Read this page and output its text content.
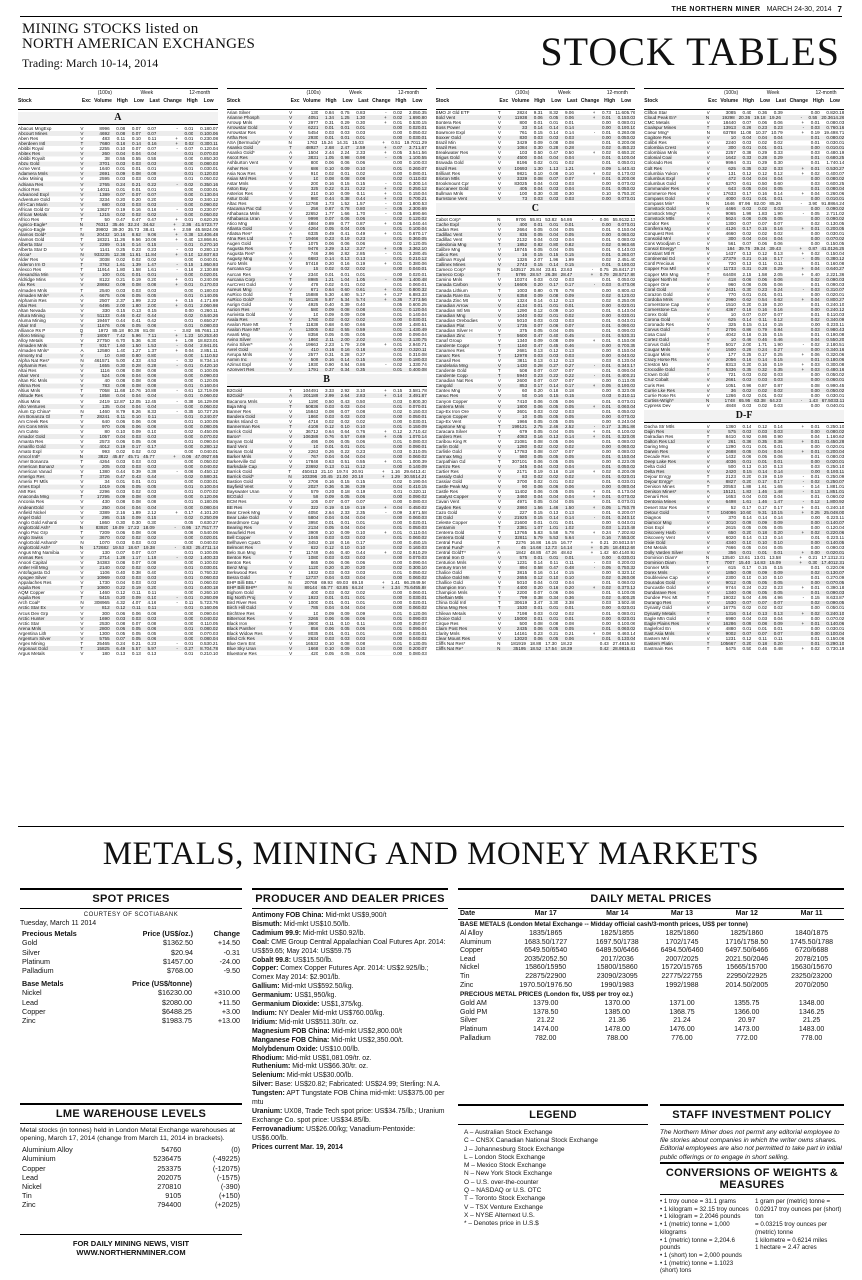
THE NORTHERN MINER MARCH 24-30, 2014 7
MINING STOCKS listed on
NORTH AMERICAN EXCHANGES
Trading: March 10-14, 2014	STOCK TABLES
(100s)	Week	12-month
Stock	Exc Volume High	Low	Last Change High	Low
A
Abacus MngExp	V	8996	0.08	0.07	0.07	-	0.01	0.18 0.07
Abcourt Mines	V	4692	0.08	0.07	0.07	0.00	0.10 0.06
Aben Res	V	483	0.11	0.10	0.11	+	0.01	0.23 0.08
Aberdeen Intl	T	7680	0.16	0.14	0.16	+	0.02	0.30 0.11
Abitibi Royal	V	2255	0.10	0.07	0.07	-	0.07	0.12 0.04
Abitex Res	V	260	0.04	0.04	0.04	0.01	0.07 0.03
Abitibi Royalt	V	38	0.55	0.55	0.55	0.00	0.85 0.30
Abzu Gold	V	3701	0.03	0.03	0.03	0.00	0.08 0.03
Acme Vent	V	1640	0.01	0.01	0.01	0.01	0.03 0.01
Adamera Mnls	V	2691	0.09	0.08	0.09	0.01	0.12 0.03
Adex Mining	V	2595	0.03	0.03	0.03	0.01	0.05 0.02
Adriana Res	V	2765	0.24	0.21	0.22	-	0.02	0.35 0.16
Adriot Res	V	14011	0.01	0.01	0.01	0.00	0.03 0.01
Advanced Expl	V	1389	0.07	0.07	0.07	0.00	0.13 0.04
Adventure Gold	V	3234	0.20	0.20	0.20	0.02	0.34 0.12
Afri-Can Marin	V	680	0.03	0.03	0.03	0.00	0.09 0.02
African Gold Gr	V	13627	0.19	0.16	0.16	-	0.03	0.23 0.07
African Metals	V	1215	0.02	0.02	0.02	0.00	0.05 0.02
Africo Res	T	50	0.47	0.47	0.47	+	0.01	0.62 0.25
Agnico-Eagle*	N	76313 35.46 32.24 34.62	+	2.36 41.57 23.77
Agnico-Eagle	T	39802 39.30 35.73 38.41	+	2.59 45.58 24.06
Alamos Gold*	N	20432 10.16	8.62	9.06	+	0.38 13.40 6.48
Alamos Gold	T	18321 11.26	9.56 10.06	+	0.40 13.86 6.91
Alberta Star	V	2289	0.16	0.14	0.15	0.01	0.27 0.10
Alberta Star D	V	1141	0.25	0.23	0.23	-	0.03	0.28 0.13
Alcoa*	N	933235 12.38 11.61 11.84	+	0.10 12.93 7.63
Alder Res	V	3038	0.02	0.02	0.02	0.00	0.04 0.01
Alderon Irn O	T	3762	1.61	1.39	1.47	-	0.15	1.95 0.93
Alexco Res	T	11914	1.80	1.58	1.61	-	0.16	2.13 0.88
Alexandria Min	V	100	0.01	0.01	0.01	0.00	0.02 0.01
Aldridge Mins	V	8122	0.21	0.19	0.20	+	0.01	0.24 0.08
Alix Res	V	28692	0.09	0.08	0.08	+	0.01	0.17 0.03
Almaden Mnls	T	2540	0.03	0.03	0.03	0.00	0.18 0.03
Almaden Mnls*	A	6675	0.06	0.05	0.05	0.01	0.14 0.05
Alphamin Res	V	2507	2.37	1.99	2.22	+	0.15	4.17 1.69
Altai Res	V	6495	2.00	1.80	2.00	+	0.01	2.06 0.98
Altan Nevada	V	330	0.15	0.13	0.15	0.00	0.26 0.11
Altura Mining	V	51133	0.46	0.42	0.44	0.02	0.54 0.26
Aluma Mining	V	19467	0.44	0.41	0.42	0.01	0.65 0.27
Altair Intl	V	11676	0.06	0.05	0.06	0.01	0.08 0.03
Alliance Rs P	Q	1972 85.18 80.36 81.08	-	3.82 86.76 61.13
Alloro Mining	T	18057	7.42	5.96	7.11	+	1.23 10.25 3.40
Alloy Metals	V	27750	6.70	5.36	6.30	+	1.09 18.82 3.01
Almaden Mnls	T	9317	1.60	1.50	1.53	-	0.04	2.94 1.01
Almaden Mnls*	A	12580	1.40	1.27	1.37	+	0.04	2.85 1.11
Almonty Ind	V	10	0.80	0.80	0.80	0.00	1.11 0.52
Alpha Nat Res*	N	461571	5.00	4.33	4.53	-	0.32	8.73 4.14
Alphamin Res	V	1655	0.30	0.28	0.28	-	0.01	0.42 0.10
Altai Res	V	1116	0.08	0.08	0.08	0.00	0.10 0.05
Altair Vent	V	524	0.06	0.04	0.06	0.00	0.09 0.03
Altan Ric Mnls	V	40	0.08	0.08	0.08	0.00	0.12 0.05
Altima Res	V	783	0.08	0.08	0.08	0.01	0.16 0.04
Altius Mnls	T	7058 11.68 10.76 10.88	-	0.61 12.71 9.09
Altitude Res	V	1858	0.04	0.04	0.04	0.01	0.06 0.02
Altius Mins	V	2419 12.87 12.05 12.45	-	0.38 16.12 9.08
Alto Ventures	V	135	0.04	0.04	0.04	0.00	0.06 0.02
Alum Cp China*	N	1460	8.79	8.26	8.33	-	0.35 10.72 7.25
Am Bonanza Gl	T	28241	0.11	0.10	0.11	0.01	0.24 0.07
Am Creek Res	V	640	0.06	0.06	0.06	0.01	0.10 0.05
Am Cons Mnls	V	970	0.06	0.06	0.06	0.00	0.08 0.05
Am CuMo	V	80	0.10	0.09	0.10	0.02	0.45 0.05
Amador Gold	V	1057	0.04	0.03	0.03	0.00	0.07 0.02
Amanta Res	V	2573	0.06	0.05	0.06	0.01	0.09 0.04
Amarillo Gold	V	4012	0.19	0.17	0.17	0.00	0.28 0.12
Amato Expl	V	993	0.02	0.02	0.02	0.00	0.04 0.01
Amcol Intl*	N	3822 45.87 45.71 45.77	+	0.06 47.09 27.65
Amer Bonanza	T	4264	0.03	0.03	0.03	0.00	0.05 0.02
American Bonanz	V	205	0.03	0.03	0.03	0.00	0.04 0.02
American Vanad	V	1380	0.44	0.39	0.39	-	0.06	0.45 0.12
Amerigo Res	T	3726	0.47	0.43	0.44	0.02	0.58 0.31
Amerix Pr Mtls	V	34	0.01	0.01	0.01	0.00	0.03 0.01
Ames Expl	V	1019	0.06	0.05	0.05	0.01	0.10 0.04
AMI Res	V	2296	0.03	0.02	0.03	0.01	0.07 0.02
Anaconda Mng	T	17295	0.09	0.08	0.09	0.00	0.12 0.06
Anconia Res	V	430	0.08	0.08	0.08	0.01	0.18 0.05
AndeanGold	V	250	0.04	0.04	0.04	0.00	0.08 0.04
Anfield Nickel	V	3389	2.16	1.89	2.12	+	0.17	4.10 1.20
Angel Gold	V	295	0.15	0.09	0.15	0.02	0.25 0.09
Anglo Gold Ashanti	V	1860	0.30	0.30	0.30	0.05	0.63 0.27
AngloGold Ash*	N	83920 19.09 17.22 18.09	-	0.95 17.75 17.77
Anglo Pac Grp	T	7209	0.06	0.08	0.06	0.06	0.54 0.06
Anglo Swiss	V	3670	0.02	0.02	0.02	0.00	0.02 0.01
AngloGold Ashanti*	N	1070	0.03	0.03	0.03	0.00	0.04 0.02
AngloGold Ash*	N	172682 19.53 18.67 19.38	-	0.83 25.47 11.14
Angus Mng Namibia	V	130	0.07	0.07	0.07	0.01	0.10 0.05
Animas Res	V	2714	1.28	1.17	1.19	-	0.02	1.40 0.33
Anoori Capital	V	34383	0.08	0.07	0.08	0.00	0.10 0.02
Antler Hill Mng	V	2140	0.02	0.02	0.02	0.01	0.03 0.01
Antofagasta Gd	V	1106	0.40	0.38	0.40	0.01	0.76 0.32
Apogee Silver	V	10969	0.03	0.03	0.03	0.01	0.06 0.03
Appalaches Res	V	1730	0.04	0.03	0.03	0.01	0.06 0.02
Aquila Res	T	10800	0.22	0.19	0.20	0.01	0.40 0.18
AQM Copper	V	1460	0.12	0.11	0.11	0.00	0.26 0.10
Aquila Res	T	5415	0.20	0.09	0.10	-	0.01	0.26 0.09
Arch Coal*	N	308965	4.32	4.07	4.16	-	0.11	5.72 3.76
Arctic Star Ex	V	812	0.12	0.11	0.11	0.01	0.16 0.06
Arcus Dev Grp	V	300	0.06	0.06	0.06	0.00	0.09 0.04
Arctic Hunter	V	1690	0.03	0.03	0.03	0.00	0.04 0.02
Arctic Star	V	2530	0.08	0.07	0.08	0.00	0.11 0.05
Arena Mnls	V	2800	0.06	0.05	0.06	0.01	0.08 0.02
Argentina Lith	V	1300	0.05	0.05	0.05	0.00	0.07 0.03
Argentum Silver	V	5755	0.07	0.05	0.06	0.00	0.08 0.04
Argex Mining	T	25465	0.24	0.21	0.23	-	0.01	0.53 0.21
Argonaut Gold	T	15825	6.49	5.57	5.97	-	0.27	8.70 4.78
Argus Metals	V	180	0.13	0.13	0.13	0.01	0.21 0.10
(100s)	Week	12-month
Stock	Exc Volume High	Low	Last Change High	Low
Arian Silver	V	130	0.84	0.75	0.83	-	0.02	2.05 0.35
Arianne Phosph	V	4051	1.34	1.25	1.30	+	0.02	1.69 0.80
Arrowp Mnls	V	2977	0.31	0.29	0.30	+	0.01	0.53 0.15
Arrowstar Gold	V	6221	0.01	0.01	0.01	0.00	0.02 0.01
Arrowstar Res	V	5454	0.03	0.03	0.03	0.00	0.05 0.02
Artha Res	V	2930	0.01	0.01	0.01	0.00	0.03 0.01
ASA (Bermuda)*	N	1763 15.24 14.31 15.03	+	0.51 19.70 11.29
Asanko Gold	T	48927	2.68	2.47	2.59	+	0.07	3.71 1.67
Asanko Gold*	A	1504	2.44	2.24	2.33	+	0.05	3.54 1.56
Ascot Res	V	3831	1.05	0.98	0.98	-	0.05	1.10 0.55
Ashburton Vent	V	800	0.06	0.06	0.06	0.00	0.10 0.03
Asher Res	V	686	0.10	0.09	0.10	0.01	0.26 0.07
Asia Now Res	V	910	0.02	0.01	0.02	0.00	0.08 0.01
Asian Mnl Res	V	10	0.08	0.08	0.08	0.02	0.11 0.02
Astar Mnls	V	200	0.16	0.15	0.15	-	0.01	0.30 0.14
Aston Bay	V	325	0.22	0.21	0.22	+	0.02	0.25 0.12
Asterios Res	V	210	0.10	0.09	0.11	+	0.01	0.15 0.04
Astur Gold	V	980	0.44	0.38	0.44	+	0.03	0.70 0.21
Altac Res	V	12768	1.73	1.52	1.57	-	0.03	1.80 0.53
Atacama Pac Gd	V	256	0.87	0.78	0.80	-	0.05	2.30 0.69
Athabasca Mnls	V	22652	1.77	1.66	1.70	-	0.05	1.89 0.66
Athabasca Uran	V	9999	0.07	0.06	0.06	0.02	0.12 0.02
Atico Mng	V	4884	0.89	0.77	0.87	+	0.06	1.04 0.44
Atlanta Gold	V	4264	0.05	0.04	0.05	0.01	0.10 0.04
Atlatsa Res*	A	6335	0.49	0.41	0.49	+	0.01	0.67 0.17
Atna Res Ltd	T	19466	0.23	0.19	0.23	0.01	0.36 0.05
Augen Gold	V	1075	0.06	0.06	0.06	0.02	0.12 0.05
Augusta Res	T	9476	3.29	3.12	3.27	+	0.05	3.36 2.10
Augusta Res*	A	746	2.96	2.82	2.85	-	0.01	3.28 0.45
Augusy Mng	V	6683	0.14	0.13	0.13	0.01	0.21 0.12
Auro Mnls	V	57418	0.20	0.16	0.19	+	0.01	0.38 0.06
Aurcana Cp	V	15	0.02	0.02	0.02	0.00	0.04 0.01
Aurcan Res	V	2340	0.01	0.01	0.01	0.00	0.02 0.01
Aurcana Corp	T	8985	1.21	1.04	1.05	-	0.09	1.40 0.48
AurCrest Gold	V	478	0.02	0.01	0.02	0.01	0.06 0.01
Aureus Mng	V	671	0.64	0.60	0.61	+	0.01	0.80 0.32
AuRico Gold	T	15888	5.30	4.80	5.17	+	0.27	6.88 3.33
AuRico Gold*	N	18136	5.87	5.34	5.74	+	0.36	7.37 3.56
Aurign Gold	V	4925	0.40	0.39	0.40	0.05	0.60 0.25
Aurion Res	V	580	0.09	0.08	0.08	0.01	0.12 0.04
Aurivista Gold	V	10	0.09	0.09	0.09	0.01	0.14 0.04
Avala Res	V	1780	0.02	0.02	0.02	0.00	0.03 0.01
Avalon Rare Mt	T	11638	0.68	0.60	0.66	0.00	1.48 0.51
Avalon Rare Mt*	A	13005	0.62	0.55	0.59	0.01	1.43 0.49
Avanti Mng	V	8356	0.05	0.05	0.05	0.00	0.09 0.04
Avino Silver	V	1860	2.11	2.00	2.02	0.01	3.13 0.75
Avino Silver*	A	19663	2.23	1.79	2.09	+	0.01	2.94 0.71
Avrel Gold	V	410	0.16	0.16	0.16	0.03	0.32 0.11
Avrupa Mnls	V	2577	0.31	0.28	0.27	0.01	0.31 0.08
Axmin Inc	V	509	0.16	0.14	0.15	0.00	0.18 0.03
Azimut Expl	V	1930	0.90	0.84	0.86	-	0.02	1.33 0.74
Azonvert Res	V	1791	0.37	0.34	0.35	0.01	0.40 0.08
B
B2Gold	T	104491	3.33	2.92	3.10	+	0.15	3.58 1.78
B2Gold*	A	201189	2.99	2.64	2.83	+	0.14	3.49 1.87
Bacanora Mnls	V	1190	0.50	0.43	0.50	0.03	0.80 0.30
Baja Mng	T	50836	0.03	0.03	0.04	0.01	0.07 0.01
Banner Res	V	15843	0.08	0.07	0.08	0.02	0.15 0.03
Bandera Gold	V	1860	0.03	0.03	0.03	0.00	0.05 0.01
Banks Island G	V	4716	0.02	0.02	0.02	0.00	0.03 0.01
Bannerman Res	T	4109	0.12	0.10	0.10	0.01	0.15 0.09
Barrick Gold	V	36712	0.64	0.64	0.76	+	0.12	2.71 0.42
Baron*	V	106389	0.76	0.57	0.69	+	0.05	1.07 0.14
Banyan Gold	V	495	0.06	0.05	0.06	0.01	0.08 0.03
Bard Vent	V	10	0.01	0.01	0.01	0.00	0.09 0.01
Barisan Gold	V	2263	0.26	0.22	0.23	0.03	0.31 0.05
Barker Mnls	V	767	0.04	0.04	0.04	0.00	0.06 0.02
Barkerville Gd	V	17846	0.63	0.51	0.55	+	0.01	1.00 0.39
Barksdale Cap	V	23692	0.13	0.11	0.12	0.00	0.14 0.09
Barrick Gold	T	450413 21.10 19.74 20.91	+	1.16 29.64 13.43
Barrick Gold*	N	103396 20.45 21.00 20.19	+	1.29 30.55 14.21
Bastion Gold	V	2706	0.16	0.15	0.15	0.02	0.19 0.04
Bayfield Vent	V	2027	0.36	0.36	0.39	0.04	0.41 0.15
Bayswater Uran	V	579	0.20	0.18	0.19	0.01	0.32 0.11
BCGold	V	59	0.09	0.05	0.06	0.00	0.09 0.02
BCM Res	V	105	0.07	0.07	0.07	0.00	0.08 0.03
BE Res	V	322	0.19	0.19	0.19	+	0.04	0.45 0.02
Bear Creek Mng	V	4050	2.64	2.33	2.35	-	0.09	3.67 1.58
Bear Lake Gold	V	5804	0.04	0.04	0.04	0.00	0.06 0.03
Beardmore Cap	V	3950	0.01	0.01	0.01	0.00	0.02 0.01
Bearing Res	V	2134	0.05	0.04	0.04	0.01	0.05 0.03
Beaufield Res	V	3909	0.10	0.09	0.10	+	0.01	0.11 0.04
Bell Copper	V	1045	0.03	0.03	0.03	0.01	0.06 0.02
Bellhaven Cp&G	V	3453	0.18	0.16	0.17	0.00	0.45 0.15
Belmont Res	V	622	0.12	0.10	0.10	0.02	0.16 0.03
Belo Sun Mng	T	11749	0.46	0.40	0.44	+	0.02	0.91 0.29
Benton Res	V	1080	0.03	0.03	0.03	0.00	0.07 0.03
Benton Res	V	865	0.06	0.06	0.06	0.00	0.09 0.04
Benz Mng	V	1120	0.20	0.20	0.20	0.02	0.30 0.10
Berkwood Res	V	1932	0.03	0.03	0.03	0.01	0.05 0.02
Besra Gold	T	12737	0.04	0.03	0.04	0.00	0.06 0.02
BHP Billi BBL*	N	20768 69.93 69.03 69.19	+	1.41 66.29 49.56
BHP Billi BHP*	N	89144 65.77 63.85 64.24	+	1.34 75.64 55.88
Bighorn Gold	V	400	0.03	0.02	0.02	0.00	0.06 0.01
Big North Proj	V	1923	0.01	0.01	0.01	0.00	0.03 0.01
Bird River Res	V	1000	0.01	0.01	0.01	0.00	0.02 0.01
Birch Hill Gold	V	785	0.04	0.04	0.04	0.00	0.06 0.02
Birchtree Res	V	10	0.09	0.09	0.09	0.01	0.12 0.06
Bitterroot Res	V	3265	0.06	0.06	0.06	0.01	0.09 0.03
Black Iron	T	3600	0.11	0.10	0.11	0.00	0.35 0.07
Black Panther	V	856	0.06	0.05	0.06	0.01	0.09 0.04
Black Widow Res	V	8035	0.01	0.01	0.01	0.00	0.03 0.01
Blind Crk Res	V	2634	0.03	0.03	0.03	0.00	0.04 0.02
Blue Gem Ent	V	16533	0.10	0.08	0.08	0.01	0.13 0.05
Blue Sky Uran	V	1668	0.10	0.09	0.10	0.00	0.20 0.07
Bluestone Res	V	420	0.05	0.05	0.05	0.00	0.08 0.03
(100s)	Week	12-month
Stock	Exc Volume High	Low	Last Change High	Low
BMO Jr Gld ETF	T	2824	9.31	8.32	9.06	+	0.73 11.60 5.76
Bold Vent	V	11938	0.06	0.05	0.06	+	0.01	0.15 0.03
Bontera Res	V	800	0.01	0.01	0.01	0.00	0.08 0.01
Boss Power	V	33	0.14	0.14	0.14	0.00	0.19 0.10
Bowmore Expl	V	761	0.15	0.14	0.14	-	0.01	0.26 0.08
Boxxer Gold	V	830	0.03	0.03	0.03	0.00	0.05 0.02
Brazil Min	V	3429	0.09	0.08	0.08	0.01	0.20 0.06
Brazil Res	V	1084	0.30	0.28	0.28	0.02	0.45 0.23
Breakwater Res	V	103	0.50	0.47	0.50	+	0.02	0.65 0.20
Brigus Gold	V	4500	0.04	0.04	0.04	0.01	0.10 0.04
Bravada Gold	V	8196	0.02	0.01	0.02	0.01	0.05 0.01
Brazil Res	V	10693	1.30	1.13	1.21	0.09	1.44 0.43
Brilliant Res	V	9821	0.10	0.08	0.10	+	0.02	0.17 0.03
Brixton Mtls	V	3339	0.08	0.07	0.07	0.01	0.20 0.06
Brookmount Cpr	V	83025	0.04	0.03	0.03	0.00	0.07 0.02
Buccaneer Gold	V	405	0.04	0.03	0.04	0.01	0.05 0.02
Bullman Mnls	V	100	0.30	0.30	0.30	0.10	0.75 0.20
Burnstone Vent	V	73	0.03	0.03	0.03	0.00	0.07 0.01
C
Cabot Corp*	N	9706 55.81 53.82 54.86	-	0.06 55.91 32.13
Cache Expl	V	400	0.01	0.01	0.01	0.00	0.07 0.01
Cadan Res	V	2664	0.05	0.04	0.05	0.01	0.15 0.04
Cadillac Vent	V	835	0.05	0.04	0.05	0.00	0.06 0.02
Cadillac Vent	V	2132	0.04	0.03	0.04	0.01	0.08 0.02
Caledonia Mng	T	1852	0.82	0.80	0.82	0.02	0.96 0.65
Calibre Mng	V	18745	0.05	0.04	0.05	0.01	0.14 0.03
Calico Res	V	16	0.15	0.15	0.15	0.01	0.26 0.07
Callinan Royal	V	1326	2.07	1.96	1.99	0.02	2.45 1.40
Callinex Mines	V	2743	0.15	0.14	0.15	0.01	0.19 0.03
Cameco Corp*	N	143517 25.84 23.81 23.63	-	0.75 25.84 17.27
Cameco Corp	T	5795 28.57 26.38 28.47	+	0.79 28.57 17.89
Camino Mnls	V	10374	0.03	0.02	0.03	0.01	0.05 0.02
Canada Carbon	V	16605	0.20	0.17	0.17	-	0.03	0.47 0.06
Canada Lithium	T	1003	0.80	0.78	0.78	0.00	0.80 0.43
Canada Rare Ea	V	6358	0.09	0.08	0.09	0.02	0.12 0.03
Canada Zinc Mt	V	1324	0.14	0.12	0.13	0.02	0.25 0.09
Canadian Arrow	V	4134	0.01	0.01	0.01	0.00	0.02 0.01
Canadian Intl Mn	V	1290	0.12	0.09	0.10	0.01	0.14 0.04
Canadian Mng	V	1040	0.02	0.01	0.02	0.00	0.03 0.01
Canadian Orebodies	V	5010	0.03	0.03	0.03	0.01	0.04 0.01
Canadian Plat	V	1735	0.07	0.06	0.07	0.01	0.09 0.03
Canadian Silver H	V	375	0.05	0.04	0.05	0.01	0.09 0.03
Canadian Zinc	T	5600	0.47	0.40	0.45	0.01	0.53 0.31
Canaf Group	V	1340	0.09	0.08	0.09	+	0.01	0.15 0.06
Candente Coppr	T	1160	0.47	0.45	0.46	0.00	0.70 0.35
Canamex Res	V	2681	0.13	0.12	0.13	0.00	0.15 0.04
Canarc Res	T	12978	0.03	0.03	0.03	0.00	0.04 0.02
Canasil Res	V	3811	0.13	0.12	0.13	0.03	0.13 0.04
Candelaria Mng	V	1430	0.28	0.27	0.27	-	0.01	0.34 0.17
Candente Gold	T	508	0.07	0.07	0.07	0.01	0.09 0.04
Candente Copp	T	5940	0.23	0.22	0.22	-	0.01	0.40 0.21
Canadian Nat Res	V	2600	0.07	0.07	0.07	0.00	0.11 0.05
Cangold	V	853	0.17	0.14	0.17	+	0.05	0.19 0.03
Cantex Mng	V	60	0.20	0.18	0.18	0.00	0.32 0.08
Canuc Res	V	50	0.16	0.15	0.15	0.03	0.31 0.11
Canyon Copper	V	7410	0.06	0.05	0.06	0.01	0.07 0.01
Canterra Mnls	V	1800	0.06	0.05	0.05	+	0.01	0.06 0.04
Cap-Ex Iron Ore	V	3601	0.03	0.02	0.03	0.01	0.05 0.02
Canyon Copper	V	10	0.05	0.05	0.05	0.00	0.07 0.02
Cap-Ex Vent	V	1966	0.05	0.05	0.05	0.00	0.24 0.04
Capstone Mng	T	199121	2.75	2.46	2.52	-	0.17	3.35 1.86
Caracara Silver	V	679	0.05	0.04	0.05	+	0.01	0.10 0.02
Cardero Res	T	4083	0.16	0.13	0.14	+	0.01	0.32 0.09
Caribou King R	V	21081	0.08	0.05	0.06	0.01	0.08 0.03
Carlin Gold	V	1280	0.02	0.02	0.02	0.00	0.06 0.02
Carlisle Gold	V	17783	0.08	0.07	0.07	0.00	0.08 0.03
Carmax Mng	V	580	0.05	0.05	0.05	0.01	0.15 0.04
Carpathian Gd	T	307101	0.06	0.05	0.05	0.00	0.22 0.05
Carrizo Res	V	345	0.04	0.03	0.04	0.01	0.05 0.02
Cartier Res	V	2171	0.19	0.16	0.18	+	0.02	0.20 0.08
Cassidy Gold	V	83	0.02	0.02	0.02	0.01	0.02 0.01
Cassiar Gold	V	3700	0.02	0.01	0.02	0.01	0.03 0.01
Castle Peak Mg	V	90	0.06	0.06	0.06	0.00	0.08 0.04
Castle Res	V	11402	0.06	0.05	0.05	+	0.01	0.17 0.04
Catalyst Copper	V	3460	0.04	0.04	0.04	+	0.01	0.07 0.02
Cavan Vent	V	4971	0.05	0.04	0.05	0.01	0.07 0.01
Cayden Res	V	2860	1.56	1.46	1.50	+	0.05	1.75 0.78
Cazo Gold	V	227	0.15	0.13	0.13	0.01	0.20 0.07
CB Gold	V	21925	0.15	0.14	0.14	-	0.01	0.24 0.10
Celeste Copper	V	21600	0.01	0.01	0.01	0.00	0.04 0.01
Centamin	T	2381	1.07	1.01	1.02	0.03	1.21 0.48
Centerra Gold	T	13765	5.83	5.58	5.78	+	0.24	7.20 2.82
Centerra Gold	V	32811	5.79	5.53	5.64	0.16	7.55 3.00
Central Fund	T	2276 16.86 16.15 16.77	+	0.21 20.50 13.57
Central Fund*	A	45 14.66 12.73 14.14	+	0.25 18.48 12.69
Central GoldT*	A	1842 48.85 47.26 48.62	+	1.42 60.41 40.92
Central Iron O	V	575	0.01	0.01	0.01	0.00	0.03 0.01
Centurion Mnls	V	1231	0.14	0.11	0.11	-	0.03	0.20 0.03
Century Iron M	V	894	0.58	0.47	0.48	-	0.05	0.75 0.32
Chalice Gold	T	3815	0.16	0.14	0.15	0.00	0.32 0.10
Chalice Gold Mn	V	2655	0.12	0.10	0.10	0.02	0.26 0.06
Challice Gold	V	5010	0.04	0.03	0.04	0.01	0.06 0.02
Champion Iron	T	4400	0.20	0.16	0.20	+	0.02	0.37 0.12
Champion Mnls	V	2200	0.07	0.06	0.06	0.01	0.10 0.05
Chieftain Mtls	T	799	0.38	0.34	0.36	0.02	0.40 0.25
China Gold Intl	T	30619	3.47	3.30	3.38	0.03	3.50 2.49
China Mng Res	T	1530	0.01	0.01	0.01	0.00	0.02 0.01
Chilean Metals	V	7198	0.03	0.02	0.02	0.01	0.08 0.01
Choice Gold	V	15000	0.01	0.01	0.01	0.00	0.02 0.01
Cirque Res	V	500	0.08	0.08	0.08	0.00	0.10 0.06
Claim Post Res	V	2435	0.06	0.05	0.05	0.01	0.06 0.02
Clarity Mnls	V	14161	0.23	0.21	0.21	+	0.08	0.46 0.14
Clear Mount Res	V	13020	0.06	0.05	0.06	0.01	0.13 0.04
Cliffs Nat Res*	N	181919 18.88 17.30 18.22	0.43 27.48 15.92
Cliffs Nat Re*	N	35195 18.52 17.54 18.39	0.42 28.98 15.41
(100s)	Week	12-month
Stock	Exc Volume High	Low	Last Change High	Low
Clifton Star	V	3085	0.40	0.36	0.39	0.00	0.82 0.18
Cloud Peak En*	N	19298 20.36 19.18 19.26	-	0.55 20.36 14.26
CMC Metals	V	18440	0.07	0.06	0.06	+	0.01	0.08 0.03
Coalspur Mines	T	13913	0.26	0.23	0.23	-	0.03	0.76 0.16
Coeur Mng*	N	63788 11.08 10.37 10.79	+	0.19 19.49 8.71
Cogitore Res	V	10	0.04	0.04	0.04	0.01	0.08 0.02
Colibri Res	V	2240	0.03	0.02	0.02	0.01	0.03 0.01
Colombia Crest	V	300	0.01	0.01	0.01	0.00	0.01 0.01
Colombian Mnls	V	2257	0.38	0.29	0.33	0.03	0.48 0.19
Colonial Coal	V	1642	0.33	0.28	0.29	0.01	0.68 0.25
Colorado Res	V	9994	0.31	0.29	0.30	0.01	1.74 0.14
Colt Res	V	625	0.35	0.32	0.33	+	0.01	0.53 0.27
Columbia Yukon	V	131	0.12	0.12	0.12	+	0.02	0.40 0.07
Columbus Expl	V	472	0.04	0.04	0.04	0.00	0.08 0.02
Columbus Gold	V	6270	0.61	0.50	0.60	0.03	0.60 0.25
Commander Res	V	643	0.05	0.04	0.05	0.01	0.08 0.04
Commerce Res	V	17633	0.17	0.16	0.14	+	0.04	0.26 0.06
Compass Gold	V	4000	0.01	0.01	0.01	0.00	0.01 0.01
Compass Min*	N	1646 87.96 82.00 85.26	-	3.90 91.88 64.24
Comstock Gold	V	4466	0.03	0.02	0.03	0.00	0.09 0.02
Comstock Mng*	A	9065	1.99	1.83	1.90	-	0.05	2.71 1.02
Comstock Mtls	V	5624	0.06	0.05	0.05	0.00	0.09 0.02
Condor Res	V	1300	0.07	0.07	0.07	0.02	0.13 0.05
Coniferra Mg	V	4126	0.17	0.15	0.16	+	0.01	0.20 0.05
Conquest Res	V	4660	0.02	0.02	0.02	0.00	0.03 0.01
Consolid Mnl	V	300	0.04	0.04	0.04	0.00	0.07 0.02
Cons Woodjam C	V	561	0.07	0.06	0.06	0.00	0.15 0.05
Consol Energy*	N	184 39.75 39.24 39.43	+	0.87 41.01 26.25
Constant Mtl R	V	1437	0.13	0.12	0.13	+	0.02	0.15 0.04
Continental Gd	V	27379	0.21	0.16	0.17	-	0.05	0.38 0.12
Contl Precious	V	720	0.13	0.11	0.11	0.01	0.16 0.08
Copper Fox Mtl	V	11733	0.31	0.28	0.29	+	0.04	0.64 0.27
Copper Mtn Mng	T	64408	2.15	1.58	2.05	+	0.40	2.22 1.36
Copper North M	V	418	0.06	0.06	0.06	0.02	0.09 0.03
Copper One	V	960	0.06	0.05	0.06	0.01	0.09 0.03
Coral Gold	V	2431	0.30	0.23	0.24	-	0.03	0.31 0.07
Corazon Gold	V	770	0.01	0.01	0.01	0.00	0.02 0.01
Cordoba Mnls	V	2960	0.62	0.54	0.62	+	0.04	0.80 0.27
Cornerstone Cap	V	1510	0.20	0.19	0.20	0.01	0.24 0.10
Cornerstone Ca	V	4367	0.18	0.16	0.16	0.00	0.24 0.12
Corex Gold	V	10	0.07	0.07	0.07	0.01	0.11 0.03
Corona Gold	V	625	0.14	0.11	0.12	0.02	0.34 0.09
Coronado Res	V	325	0.15	0.14	0.15	0.00	0.23 0.11
Corvus Gold	T	2706	0.86	0.79	0.84	0.03	0.98 0.43
Cosa Coal	V	4042	0.16	0.15	0.15	0.01	0.19 0.08
Cortez Gold	V	10	0.46	0.46	0.46	0.04	0.55 0.20
Corvus Gold	T	5017	2.00	1.71	1.90	-	0.02	2.18 0.51
Cougar Mnls	V	1500	0.28	0.24	0.27	0.00	0.34 0.16
Cougar Mins	V	177	0.25	0.17	0.25	+	0.06	0.32 0.06
Crazy Horse Rs	V	2056	0.16	0.14	0.15	0.01	0.18 0.06
Creston Mo	V	8313	0.20	0.16	0.19	+	0.03	0.30 0.08
Crocodile Gold	T	5336	0.35	0.32	0.35	+	0.03	0.48 0.16
Crown Gold	V	721	0.03	0.02	0.03	0.00	0.05 0.02
Cruz Cobalt	V	2661	0.03	0.03	0.03	0.00	0.06 0.01
Curis Res	V	1051	0.96	0.87	0.87	0.08	0.99 0.45
Currie Lke Res	V	36	0.02	0.02	0.02	0.00	0.05 0.02
Currie Rose Rs	V	1266	0.02	0.01	0.02	0.00	0.03 0.01
Curtiss-Wrigh*	N	1748 65.95 63.38 64.23	-	1.43 67.50 33.11
Cypress Dev	V	4848	0.03	0.02	0.03	0.00	0.04 0.01
D-F
Dacha Str Mtls	V	1360	0.14	0.12	0.14	+	0.01	0.25 0.10
Dajin Res	V	575	0.03	0.03	0.03	0.00	0.08 0.02
Dalradian Res	T	8410	0.92	0.86	0.90	0.04	1.16 0.62
Dalton Res Ltd	V	261	0.36	0.35	0.36	+	0.01	0.45 0.28
Daring Mng	V	1290	0.01	0.01	0.01	0.00	0.02 0.01
Darwin Res	V	2688	0.05	0.04	0.04	+	0.01	0.20 0.04
Decade Res	V	1432	0.06	0.05	0.06	0.01	0.08 0.03
Deep Lake Res	V	4036	0.01	0.01	0.01	0.00	0.02 0.01
Delta Gold	V	500	0.13	0.10	0.13	0.03	0.25 0.10
Delta Res	V	2420	0.15	0.14	0.14	0.00	0.19 0.11
Dejour Enrgy	T	2123	0.20	0.19	0.19	-	0.01	0.25 0.09
Dejour Enrgy*	A	8827	0.20	0.17	0.17	-	0.02	0.25 0.07
Denison Mines	T	20553	1.88	1.61	1.65	-	0.14	1.88 1.01
Denison Mines*	A	15121	1.83	1.46	1.48	-	0.13	1.85 1.01
Denarii Res	V	1653	0.04	0.03	0.04	0.01	0.06 0.02
Dentonia Mines	V	6498	1.61	1.46	1.47	-	0.12	1.80 0.92
Desert Star Res	V	52	0.17	0.17	0.17	+	0.01	0.24 0.10
Detour Gold	T	104086 10.60	9.31 10.15	+	0.25 25.04 8.00
Diagnos	V	370	0.14	0.14	0.14	0.00	0.22 0.11
Diamcor Mng	V	3010	0.09	0.09	0.09	0.00	0.14 0.07
Dios Expl	V	2615	0.05	0.05	0.05	0.00	0.12 0.04
Discovery Harb	V	650	0.20	0.18	0.20	+	0.02	0.22 0.06
Discovery Vent	V	6020	0.14	0.13	0.14	0.01	0.22 0.11
Dixie Gold	V	4340	0.10	0.10	0.10	0.00	0.14 0.05
DNI Metals	V	7666	0.05	0.04	0.05	0.00	0.09 0.03
Dolly Varden Silver	V	356	0.01	0.01	0.01	+	0.00	0.02 0.01
Dominion Diam*	N	13540 13.61 13.01 13.58	+	0.21 17.13 12.31
Dominion Diam	T	7007 15.40 14.83 15.09	+	0.30 17.40 12.31
Donner Mtls	V	615	0.17	0.15	0.15	0.01	0.22 0.06
Dorex Mnls	V	1850	0.09	0.09	0.09	0.02	0.13 0.07
Doubleview Cap	V	2300	0.10	0.10	0.10	0.01	0.27 0.09
Dourados Gold	V	9012	0.05	0.05	0.05	0.00	0.07 0.05
Duncastle Gold	V	9744	0.24	0.22	0.23	+	0.01	0.39 0.18
Dundarave Res	V	1340	0.06	0.05	0.05	0.01	0.09 0.03
Dundee Prec Mt	T	19032	5.04	4.95	4.96	-	0.15	8.63 3.87
Durango Res	V	1530	0.07	0.07	0.07	0.02	0.09 0.05
Dynasty Gold	V	16775	0.02	0.02	0.02	0.00	0.05 0.01
Dynasty Metals	T	1316	0.14	0.13	0.13	+	0.02	0.24 0.10
Eagle Mtn Gold	V	6980	0.04	0.03	0.04	0.00	0.07 0.02
Eagle Plains Res	V	16286	0.09	0.08	0.09	+	0.01	0.14 0.06
Eagleford En	V	4880	0.01	0.01	0.01	0.00	0.03 0.01
East Asia Mnls	V	9002	0.07	0.07	0.07	0.00	0.10 0.04
Eastern Mnl	V	1231	0.12	0.11	0.11	0.01	0.15 0.06
Eastern Platin	T	105667	0.20	0.18	0.20	0.01	0.29 0.10
Eastmain Res	T	5475	0.50	0.46	0.48	+	0.02	0.73 0.19
METALS, MINING AND MONEY MARKETS
SPOT PRICES
COURTESY OF SCOTIABANK
Tuesday, March 11 2014
Precious Metals	Price (US$/oz.)	Change
Gold	$1362.50	+14.50
Silver	$20.94	-0.31
Platinum	$1457.00	-24.00
Palladium	$768.00	-9.50
Base Metals	Price (US$/tonne)	
Nickel	$16230.00	+310.00
Lead	$2080.00	+11.50
Copper	$6488.25	+3.00
Zinc	$1983.75	+13.00
LME WAREHOUSE LEVELS

Metal stocks (in tonnes) held in London Metal Exchange warehouses at opening, March 17, 2014 (change from March 11, 2014 in brackets).

Aluminium Alloy	54760	(0)
Aluminium	5236475	(-49225)
Copper	253375	(-12075)
Lead	202075	(-1575)
Nickel	270810	(-390)
Tin	9105	(+150)
Zinc	794400	(+2025)
FOR DAILY MINING NEWS, VISIT WWW.NORTHERNMINER.COM
PRODUCER AND DEALER PRICES
Antimony FOB China: Mid-mkt US$9,900/t
Bismuth: Mid-mkt US$10.50/lb.
Cadmium 99.9: Mid-mkt US$0.92/lb.
Coal: CME Group Central Appalachian Coal Futures Apr. 2014: US$59.65; May 2014: US$59.75
Cobalt 99.8: US$15.50/lb.
Copper: Comex Copper Futures Apr. 2014: US$2.925/lb.; Comex May 2014: $2.901/lb.
Gallium: Mid-mkt US$592.50/kg.
Germanium: US$1,950/kg.
Germanium Dioxide: US$1,375/kg.
Indium: NY Dealer Mid-mkt US$760.00/kg.
Iridium: Mid-mkt US$511.30/tr. oz.
Magnesium FOB China: Mid-mkt US$2,800.00/t
Manganese FOB China: Mid-mkt US$2,350.00/t.
Molybdenum Oxide: US$10.00/lb.
Rhodium: Mid-mkt US$1,081.09/tr. oz.
Ruthenium: Mid-mkt US$66.30/tr. oz.
Selenium: Mid-mkt US$30.00/lb.
Silver: Base: US$20.82; Fabricated: US$24.99; Sterling: N.A.
Tungsten: APT Tungstate FOB China mid-mkt: US$375.00 per mtu
Uranium: UX08, Trade Tech spot price: US$34.75/lb.; Uranium Exchange Co. spot price: US$34.85/lb.
Ferrovanadium: US$26.00/kg; Vanadium-Pentoxide: US$6.00/lb.
Prices current Mar. 19, 2014
DAILY METAL PRICES
Date	Mar 17	Mar 14	Mar 13	Mar 12	Mar 11
BASE METALS (London Metal Exchange -- Midday official cash/3-month prices, US$ per tonne)					
Al Alloy	1835/1865	1825/1855	1825/1860	1825/1860	1840/1875
Aluminum	1683.50/1727	1697.50/1738	1702/1745	1716/1758.50	1745.50/1788
Copper	6549.50/6540	6489.50/6466	6494.50/6460	6497.50/6466	6720/6688
Lead	2035/2052.50	2017/2036	2007/2025	2021.50/2046	2078/2105
Nickel	15860/15950	15800/15860	15720/15765	15665/15700	15630/15670
Tin	22875/22900	23090/23095	22775/22755	22950/22925	23250/23200
Zinc	1970.50/1976.50	1990/1983	1992/1988	2014.50/2005	2070/2050
PRECIOUS METAL PRICES (London fix, US$ per troy oz.)					
Gold AM	1379.00	1370.00	1371.00	1355.75	1348.00
Gold PM	1378.50	1385.00	1368.75	1366.00	1346.25
Silver	21.22	21.36	21.24	20.97	21.25
Platinum	1474.00	1478.00	1476.00	1473.00	1483.00
Palladium	782.00	788.00	776.00	772.00	778.00
LEGEND
A – Australian Stock Exchange
C – CNSX Canadian National Stock Exchange
J – Johannesburg Stock Exchange
L – London Stock Exchange
M – Mexico Stock Exchange
N – New York Stock Exchange
O – U.S. over-the-counter
Q – NASDAQ or U.S. OTC
T – Toronto Stock Exchange
V – TSX Venture Exchange
X – NYSE Alternext U.S.
* – Denotes price in U.S.$
STAFF INVESTMENT POLICY

The Northern Miner does not permit any editorial employee to file stories about companies in which the writer owns shares. Editorial employees are also not permitted to take part in initial public offerings or to engage in short selling.

CONVERSIONS OF WEIGHTS & MEASURES
• 1 troy ounce = 31.1 grams
• 1 kilogram = 32.15 troy ounces
• 1 kilogram = 2.2046 pounds
• 1 (metric) tonne = 1,000 kilograms
• 1 (metric) tonne = 2,204.6 pounds
• 1 (short) ton = 2,000 pounds
• 1 (metric) tonne = 1.1023 (short) tons
1 gram per (metric) tonne = 0.02917 troy ounces per (short) ton
= 0.03215 troy ounces per (metric) tonne
1 kilometre = 0.6214 miles
1 hectare = 2.47 acres
